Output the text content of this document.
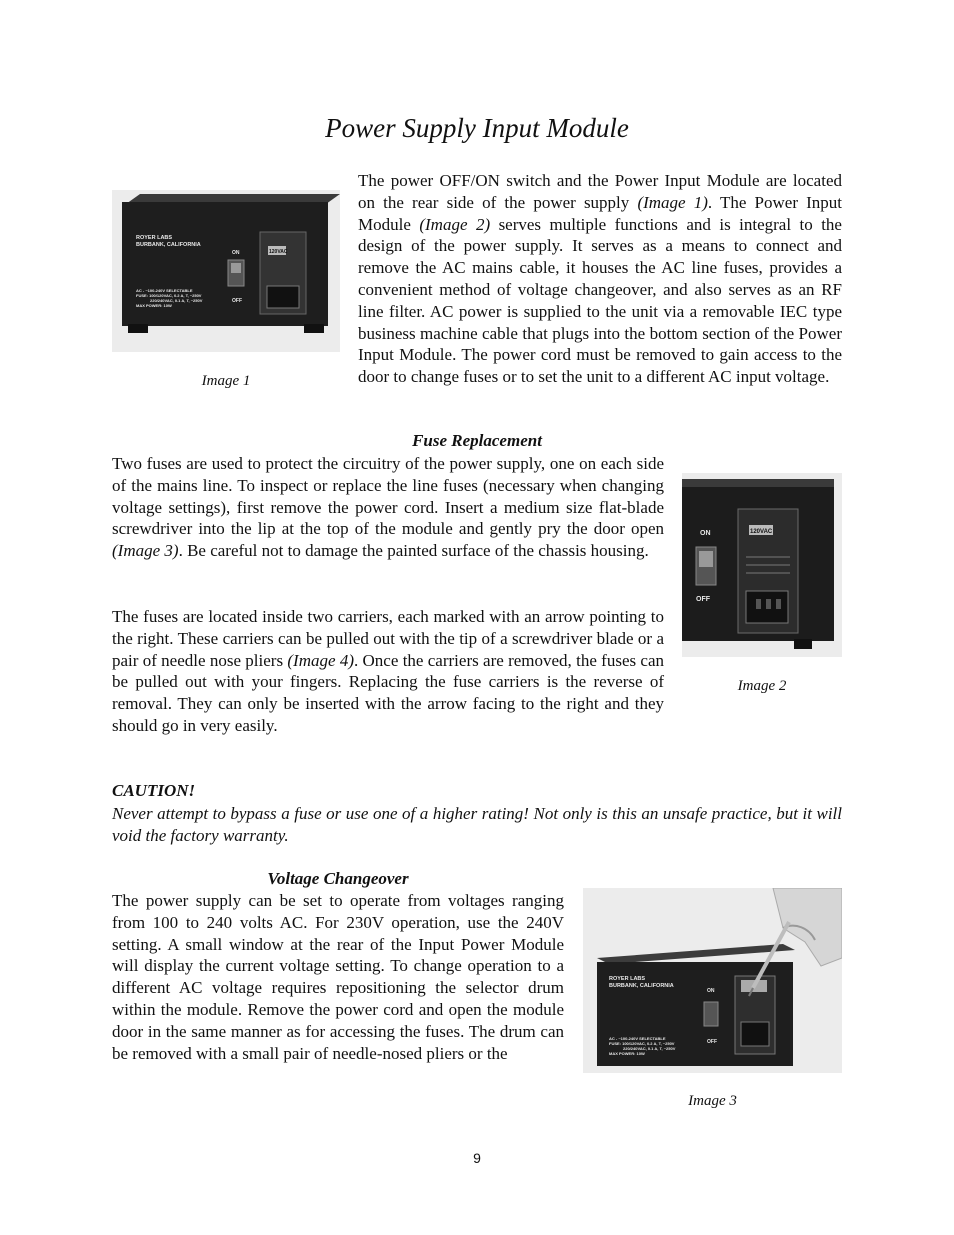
Power Supply Input Module
ROYER LABS
BURBANK, CALIFORNIA
ON
OFF
120VAC
AC - ~100-240V SELECTABLE
FUSE: 100/120VAC, 0.2 A, T, ~250V
220/240VAC, 0.1 A, T, ~250V
MAX POWER: 10W
Image 1

The power OFF/ON switch and the Power Input Module are located on the rear side of the power supply (Image 1). The Power Input Module (Image 2) serves multiple functions and is integral to the design of the power supply. It serves as a means to connect and remove the AC mains cable, it houses the AC line fuses, provides a convenient method of voltage changeover, and also serves as an RF line filter. AC power is supplied to the unit via a removable IEC type business machine cable that plugs into the bottom section of the Power Input Module. The power cord must be removed to gain access to the door to change fuses or to set the unit to a different AC input voltage.

Fuse Replacement

Two fuses are used to protect the circuitry of the power supply, one on each side of the mains line. To inspect or replace the line fuses (necessary when changing voltage settings), first remove the power cord. Insert a medium size flat-blade screwdriver into the lip at the top of the module and gently pry the door open (Image 3). Be careful not to damage the painted surface of the chassis housing.

The fuses are located inside two carriers, each marked with an arrow pointing to the right. These carriers can be pulled out with the tip of a screwdriver blade or a pair of needle nose pliers (Image 4). Once the carriers are removed, the fuses can be pulled out with your fingers. Replacing the fuse carriers is the reverse of removal. They can only be inserted with the arrow facing to the right and they should go in very easily.

ON
OFF
120VAC
Image 2
CAUTION!

Never attempt to bypass a fuse or use one of a higher rating! Not only is this an unsafe practice, but it will void the factory warranty.

Voltage Changeover

The power supply can be set to operate from voltages ranging from 100 to 240 volts AC. For 230V operation, use the 240V setting. A small window at the rear of the Input Power Module will display the current voltage setting. To change operation to a different AC voltage requires repositioning the selector drum within the module. Remove the power cord and open the module door in the same manner as for accessing the fuses. The drum can be removed with a small pair of needle-nosed pliers or the

ROYER LABS
BURBANK, CALIFORNIA
ON
OFF
AC - ~100-240V SELECTABLE
FUSE: 100/120VAC, 0.2 A, T, ~250V
220/240VAC, 0.1 A, T, ~250V
MAX POWER: 10W
Image 3
9
